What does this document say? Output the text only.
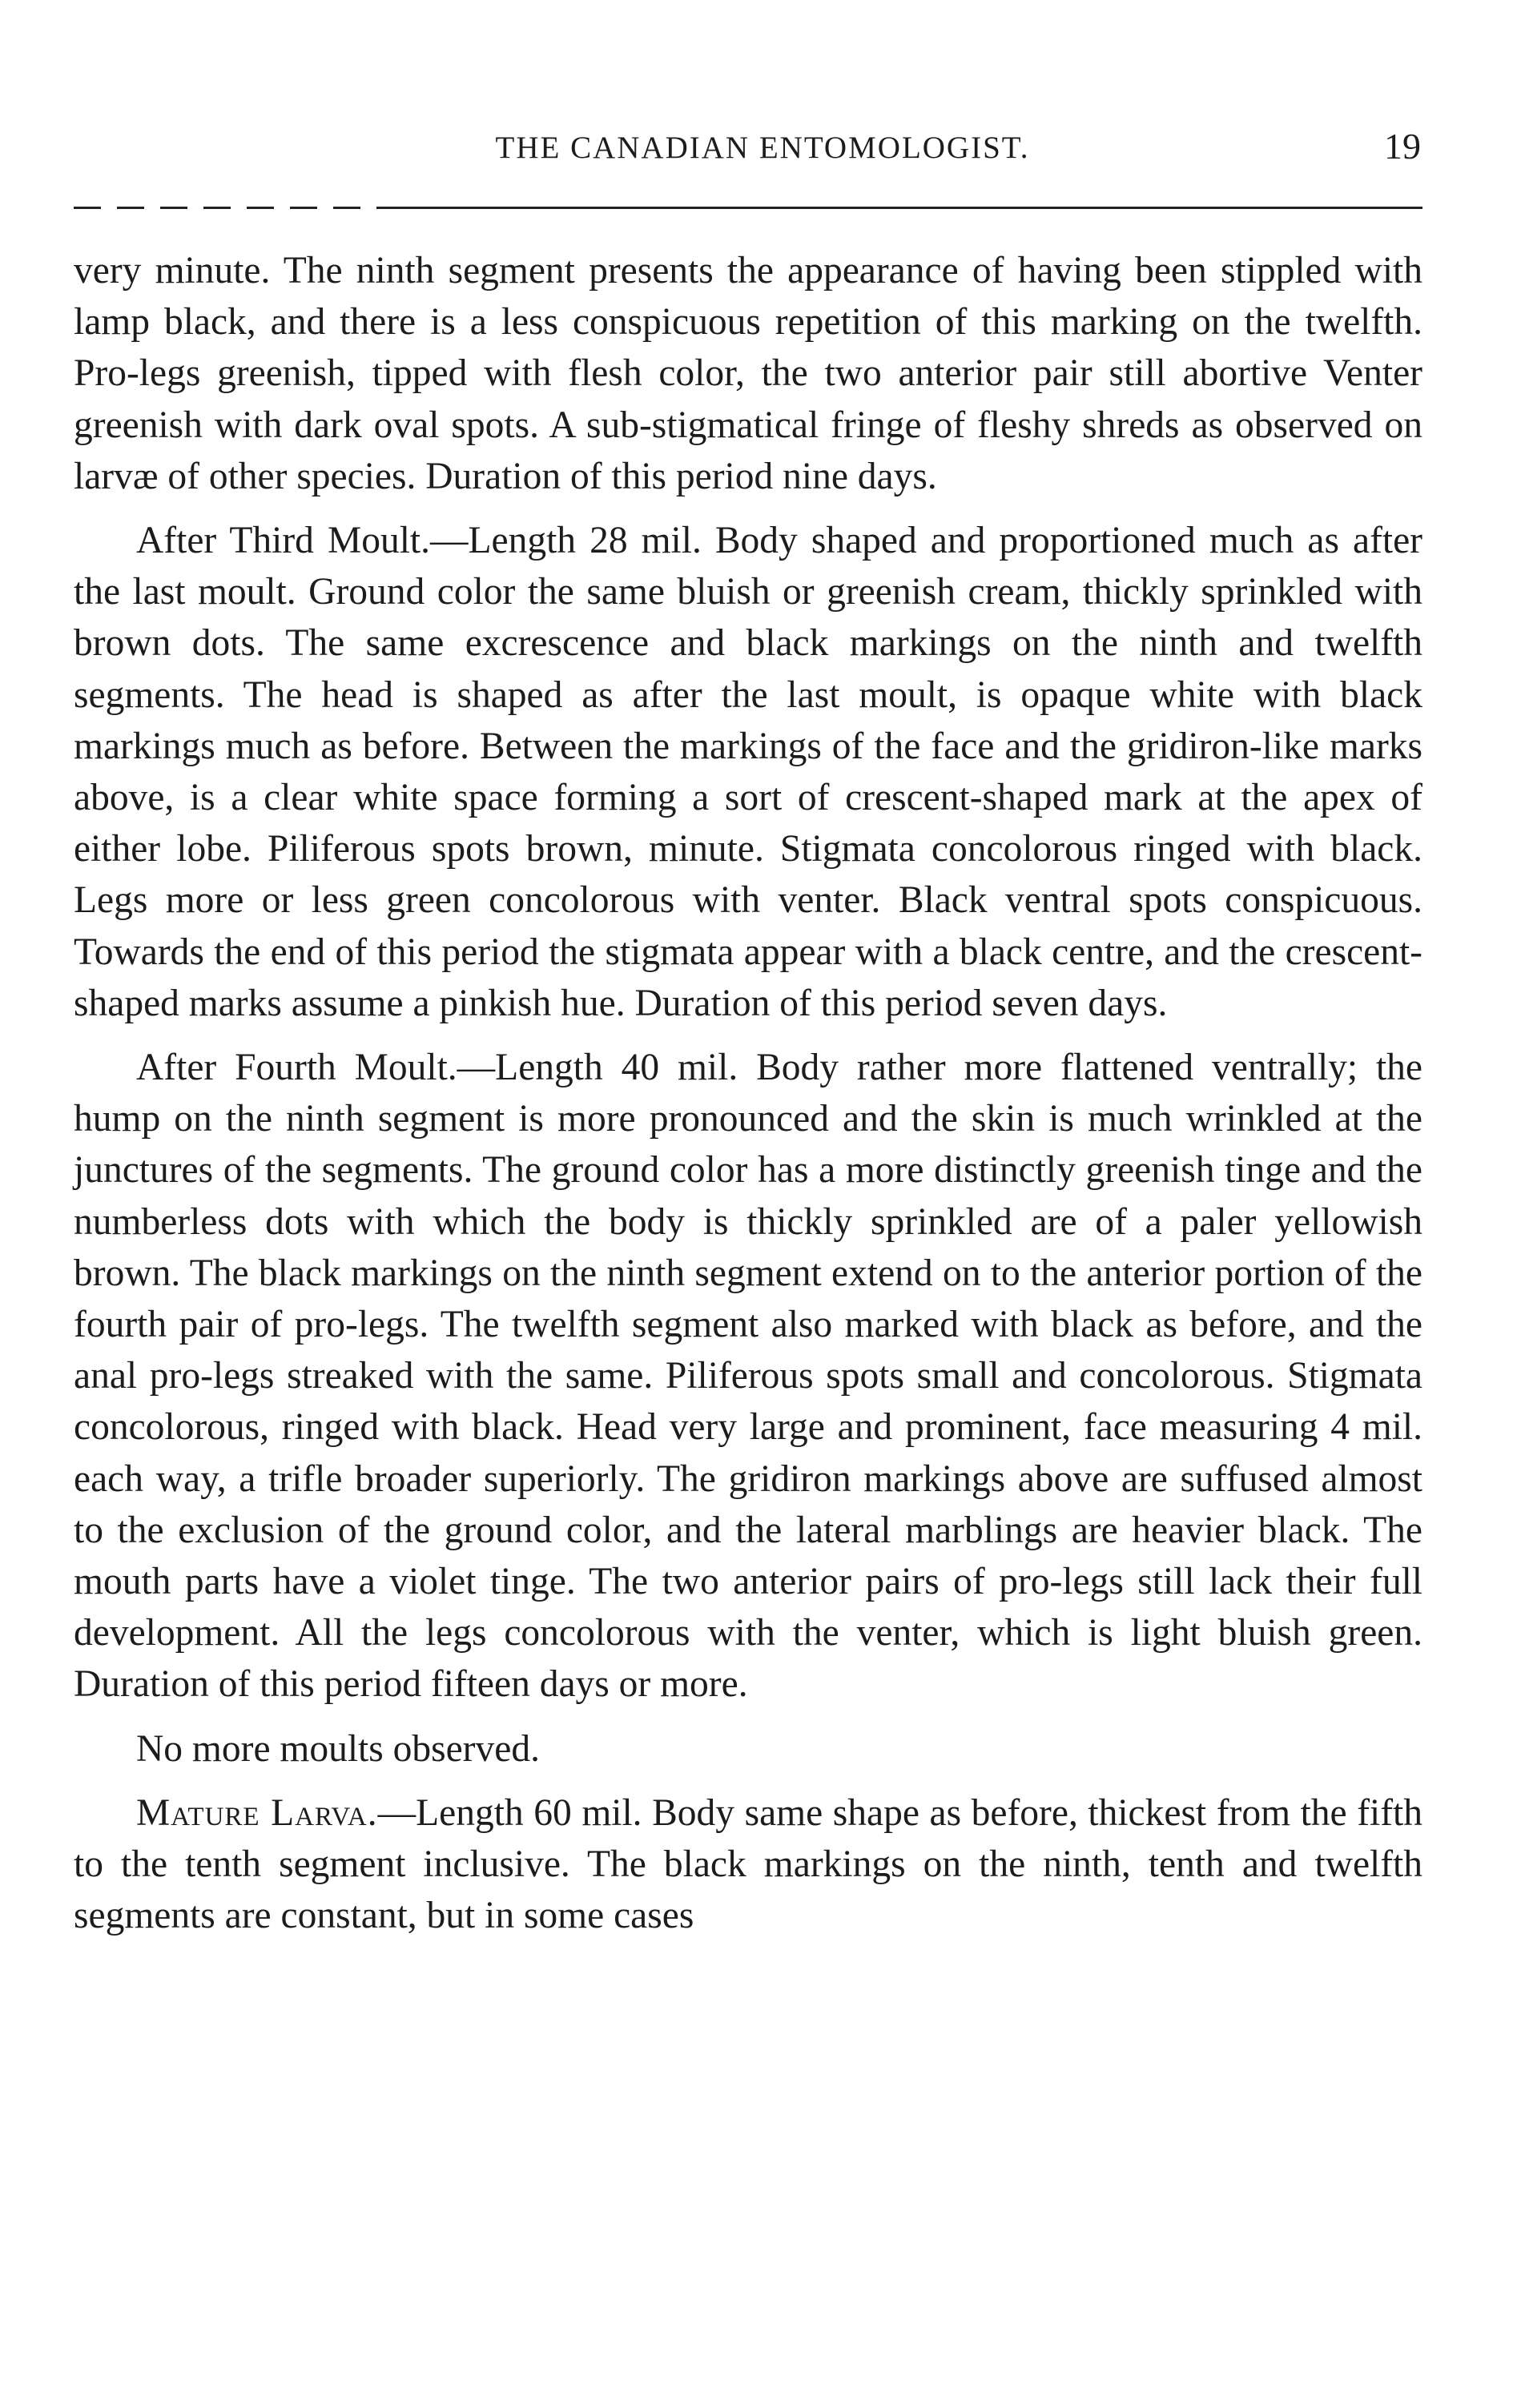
THE CANADIAN ENTOMOLOGIST.	19

very minute. The ninth segment presents the appearance of having been stippled with lamp black, and there is a less conspicuous repetition of this marking on the twelfth. Pro-legs greenish, tipped with flesh color, the two anterior pair still abortive Venter greenish with dark oval spots. A sub-stigmatical fringe of fleshy shreds as observed on larvæ of other species. Duration of this period nine days.

After Third Moult.—Length 28 mil. Body shaped and proportioned much as after the last moult. Ground color the same bluish or greenish cream, thickly sprinkled with brown dots. The same excrescence and black markings on the ninth and twelfth segments. The head is shaped as after the last moult, is opaque white with black markings much as before. Between the markings of the face and the gridiron-like marks above, is a clear white space forming a sort of crescent-shaped mark at the apex of either lobe. Piliferous spots brown, minute. Stigmata concolorous ringed with black. Legs more or less green concolorous with venter. Black ventral spots conspicuous. Towards the end of this period the stigmata appear with a black centre, and the crescent-shaped marks assume a pinkish hue. Duration of this period seven days.

After Fourth Moult.—Length 40 mil. Body rather more flattened ventrally; the hump on the ninth segment is more pronounced and the skin is much wrinkled at the junctures of the segments. The ground color has a more distinctly greenish tinge and the numberless dots with which the body is thickly sprinkled are of a paler yellowish brown. The black markings on the ninth segment extend on to the anterior portion of the fourth pair of pro-legs. The twelfth segment also marked with black as before, and the anal pro-legs streaked with the same. Piliferous spots small and concolorous. Stigmata concolorous, ringed with black. Head very large and prominent, face measuring 4 mil. each way, a trifle broader superiorly. The gridiron markings above are suffused almost to the exclusion of the ground color, and the lateral marblings are heavier black. The mouth parts have a violet tinge. The two anterior pairs of pro-legs still lack their full development. All the legs concolorous with the venter, which is light bluish green. Duration of this period fifteen days or more.

No more moults observed.

Mature Larva.—Length 60 mil. Body same shape as before, thickest from the fifth to the tenth segment inclusive. The black markings on the ninth, tenth and twelfth segments are constant, but in some cases
